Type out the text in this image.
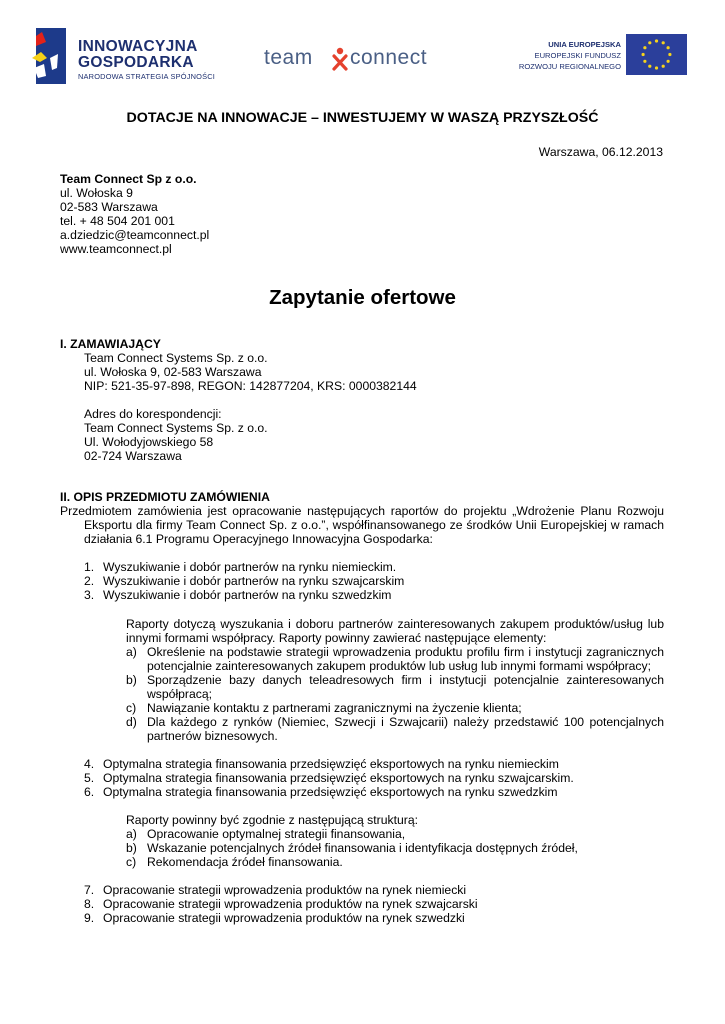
INNOWACYJNA
GOSPODARKA
NARODOWA STRATEGIA SPÓJNOŚCI
team connect
UNIA EUROPEJSKA
EUROPEJSKI FUNDUSZ
ROZWOJU REGIONALNEGO
DOTACJE NA INNOWACJE – INWESTUJEMY W WASZĄ PRZYSZŁOŚĆ
Warszawa, 06.12.2013
Team Connect Sp z o.o.
ul. Wołoska 9
02-583 Warszawa
tel. + 48 504 201 001
a.dziedzic@teamconnect.pl
www.teamconnect.pl
Zapytanie ofertowe
I. ZAMAWIAJĄCY
Team Connect Systems Sp. z o.o.
ul. Wołoska 9, 02-583 Warszawa
NIP: 521-35-97-898, REGON: 142877204, KRS: 0000382144
Adres do korespondencji:
Team Connect Systems Sp. z o.o.
Ul. Wołodyjowskiego 58
02-724 Warszawa
II. OPIS PRZEDMIOTU ZAMÓWIENIA
Przedmiotem zamówienia jest opracowanie następujących raportów do projektu „Wdrożenie Planu Rozwoju
Eksportu dla firmy Team Connect Sp. z o.o.”, współfinansowanego ze środków Unii Europejskiej w ramach
działania 6.1 Programu Operacyjnego Innowacyjna Gospodarka:
1. Wyszukiwanie i dobór partnerów na rynku niemieckim.
2. Wyszukiwanie i dobór partnerów na rynku szwajcarskim
3. Wyszukiwanie i dobór partnerów na rynku szwedzkim
Raporty dotyczą wyszukania i doboru partnerów zainteresowanych zakupem produktów/usług lub
innymi formami współpracy. Raporty powinny zawierać następujące elementy:
a) Określenie na podstawie strategii wprowadzenia produktu profilu firm i instytucji zagranicznych
potencjalnie zainteresowanych zakupem produktów lub usług lub innymi formami współpracy;
b) Sporządzenie bazy danych teleadresowych firm i instytucji potencjalnie zainteresowanych
współpracą;
c) Nawiązanie kontaktu z partnerami zagranicznymi na życzenie klienta;
d) Dla każdego z rynków (Niemiec, Szwecji i Szwajcarii) należy przedstawić 100 potencjalnych
partnerów biznesowych.
4. Optymalna strategia finansowania przedsięwzięć eksportowych na rynku niemieckim
5. Optymalna strategia finansowania przedsięwzięć eksportowych na rynku szwajcarskim.
6. Optymalna strategia finansowania przedsięwzięć eksportowych na rynku szwedzkim
Raporty powinny być zgodnie z następującą strukturą:
a) Opracowanie optymalnej strategii finansowania,
b) Wskazanie potencjalnych źródeł finansowania i identyfikacja dostępnych źródeł,
c) Rekomendacja źródeł finansowania.
7. Opracowanie strategii wprowadzenia produktów na rynek niemiecki
8. Opracowanie strategii wprowadzenia produktów na rynek szwajcarski
9. Opracowanie strategii wprowadzenia produktów na rynek szwedzki
